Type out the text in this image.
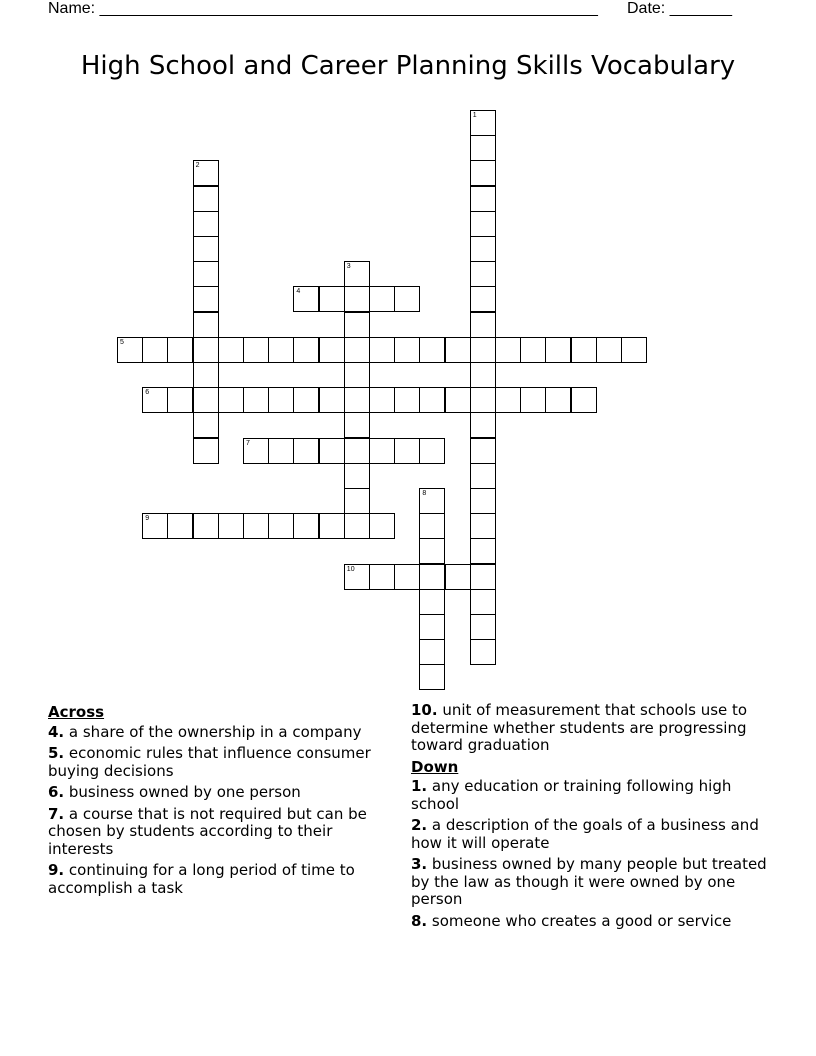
Name: ________________________________________________________ Date: _______
High School and Career Planning Skills Vocabulary
1
2
3
4
5
6
7
8
9
10
Across
4. a share of the ownership in a company
5. economic rules that influence consumer buying decisions
6. business owned by one person
7. a course that is not required but can be chosen by students according to their interests
9. continuing for a long period of time to accomplish a task
10. unit of measurement that schools use to determine whether students are progressing toward graduation
Down
1. any education or training following high school
2. a description of the goals of a business and how it will operate
3. business owned by many people but treated by the law as though it were owned by one person
8. someone who creates a good or service
